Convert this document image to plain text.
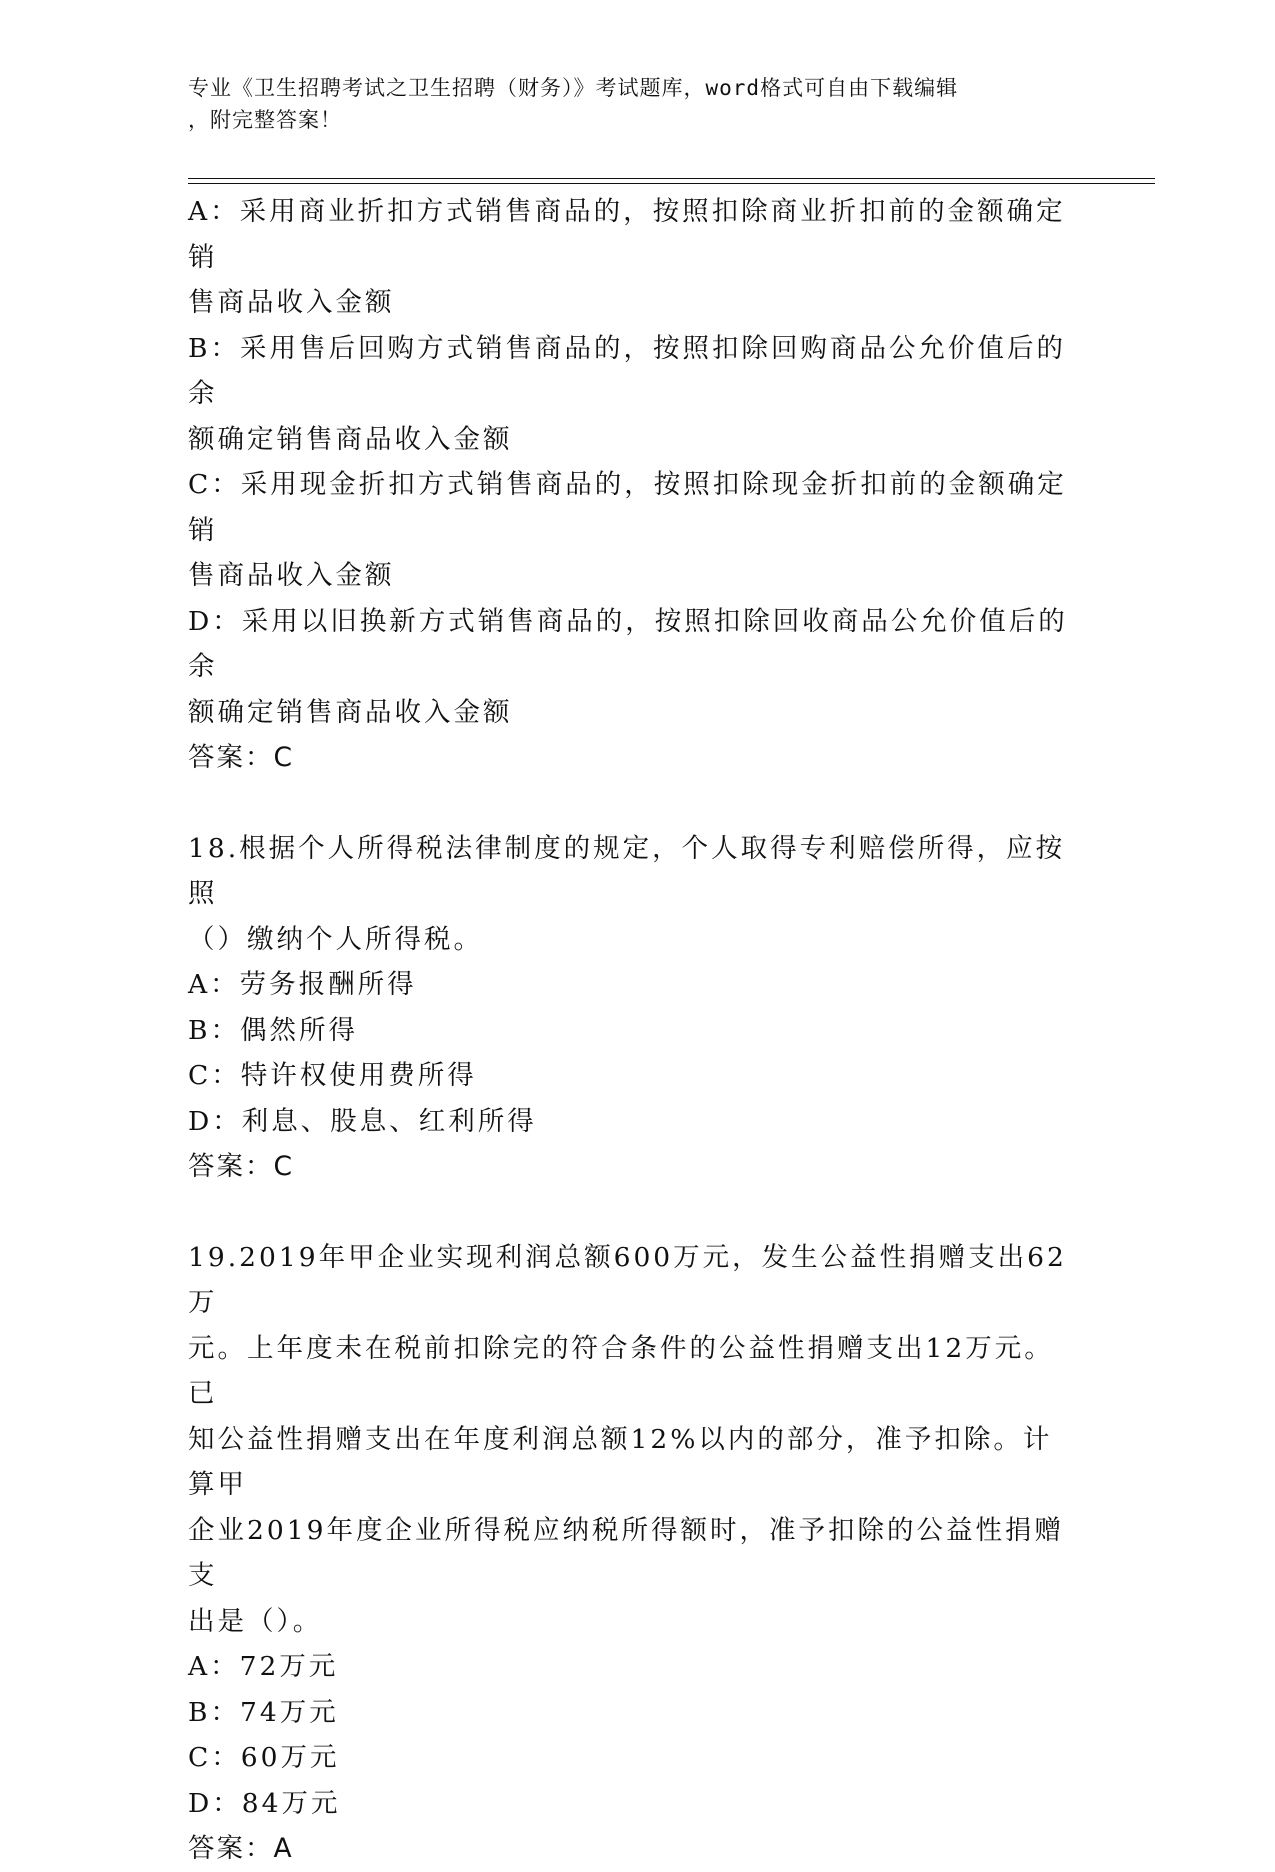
专业《卫生招聘考试之卫生招聘（财务）》考试题库，word格式可自由下载编辑
，附完整答案！

A：采用商业折扣方式销售商品的，按照扣除商业折扣前的金额确定销

售商品收入金额

B：采用售后回购方式销售商品的，按照扣除回购商品公允价值后的余

额确定销售商品收入金额

C：采用现金折扣方式销售商品的，按照扣除现金折扣前的金额确定销

售商品收入金额

D：采用以旧换新方式销售商品的，按照扣除回收商品公允价值后的余

额确定销售商品收入金额

答案：C

18.根据个人所得税法律制度的规定，个人取得专利赔偿所得，应按照

（）缴纳个人所得税。

A：劳务报酬所得

B：偶然所得

C：特许权使用费所得

D：利息、股息、红利所得

答案：C

19.2019年甲企业实现利润总额600万元，发生公益性捐赠支出62万

元。上年度未在税前扣除完的符合条件的公益性捐赠支出12万元。已

知公益性捐赠支出在年度利润总额12%以内的部分，准予扣除。计算甲

企业2019年度企业所得税应纳税所得额时，准予扣除的公益性捐赠支

出是（）。

A：72万元

B：74万元

C：60万元

D：84万元

答案：A
